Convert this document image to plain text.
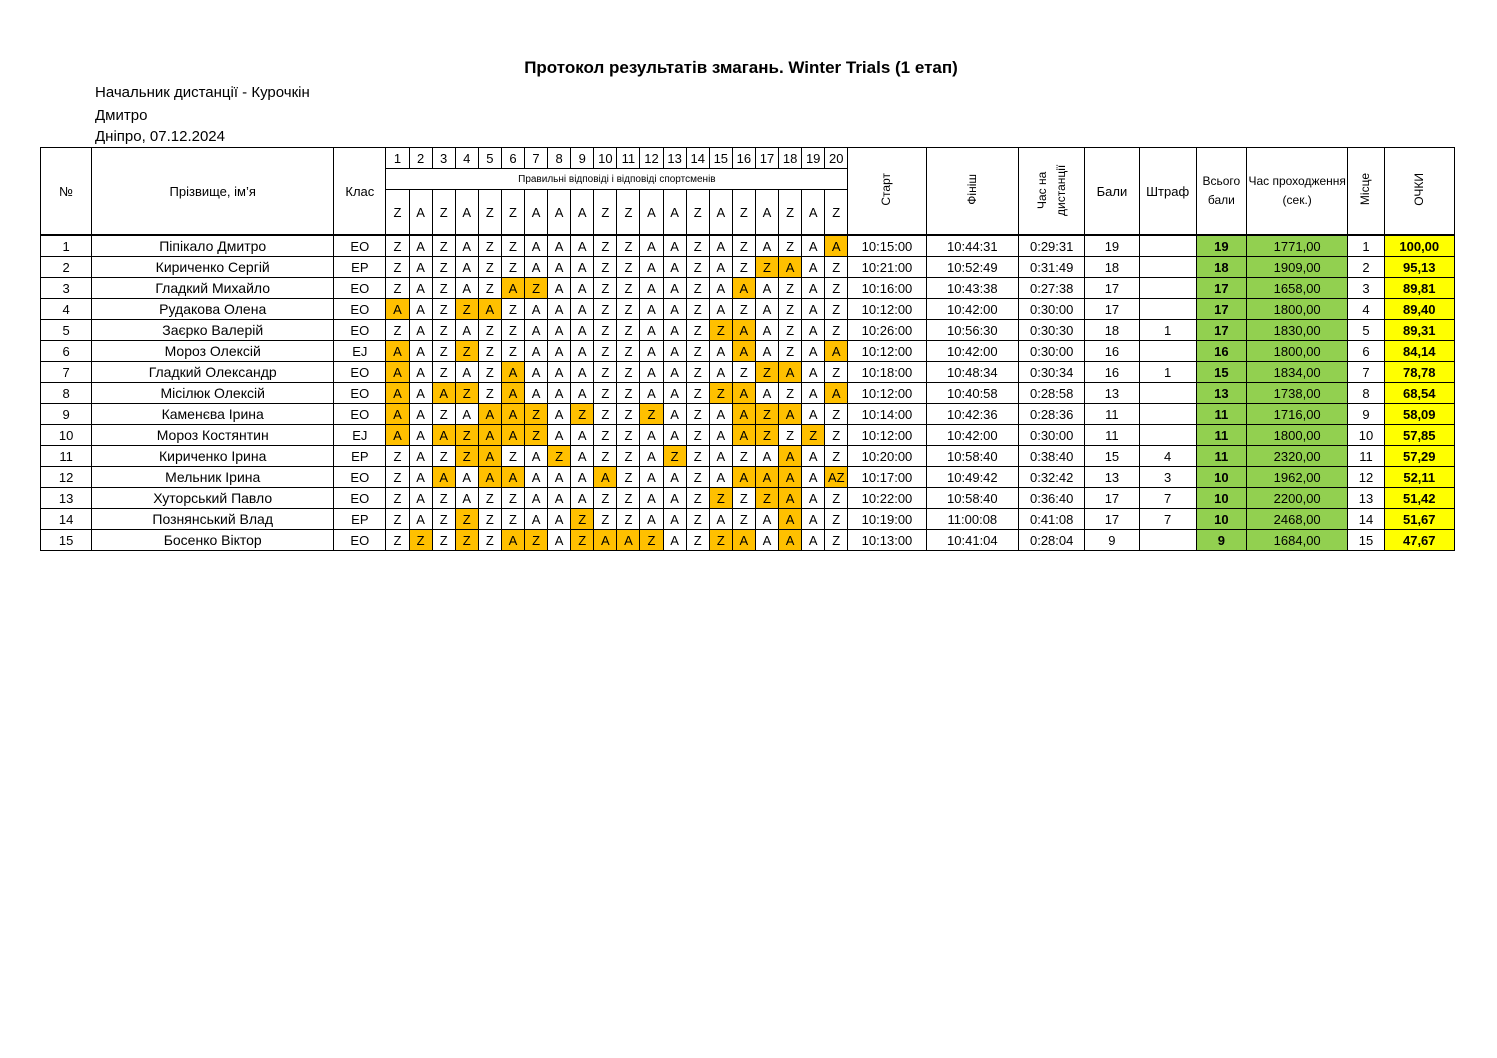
Протокол результатів змагань. Winter Trials (1 етап)
Начальник дистанції - Курочкін
Дмитро
Дніпро, 07.12.2024
№	Прізвище, ім’я	Клас	1	2	3	4	5	6	7	8	9	10	11	12	13	14	15	16	17	18	19	20	Старт	Фініш	Час на дистанції	Бали	Штраф	Всього бали	Час проходження (сек.)	Місце	ОЧКИ
			Правильні відповіді і відповіді спортсменів																												
			Z	A	Z	A	Z	Z	A	A	A	Z	Z	A	A	Z	A	Z	A	Z	A	Z									
1	Піпікало Дмитро	EO	Z	A	Z	A	Z	Z	A	A	A	Z	Z	A	A	Z	A	Z	A	Z	A	A	10:15:00	10:44:31	0:29:31	19		19	1771,00	1	100,00
2	Кириченко Сергій	EP	Z	A	Z	A	Z	Z	A	A	A	Z	Z	A	A	Z	A	Z	Z	A	A	Z	10:21:00	10:52:49	0:31:49	18		18	1909,00	2	95,13
3	Гладкий Михайло	EO	Z	A	Z	A	Z	A	Z	A	A	Z	Z	A	A	Z	A	A	A	Z	A	Z	10:16:00	10:43:38	0:27:38	17		17	1658,00	3	89,81
4	Рудакова Олена	EO	A	A	Z	Z	A	Z	A	A	A	Z	Z	A	A	Z	A	Z	A	Z	A	Z	10:12:00	10:42:00	0:30:00	17		17	1800,00	4	89,40
5	Заєрко Валерій	EO	Z	A	Z	A	Z	Z	A	A	A	Z	Z	A	A	Z	Z	A	A	Z	A	Z	10:26:00	10:56:30	0:30:30	18	1	17	1830,00	5	89,31
6	Мороз Олексій	EJ	A	A	Z	Z	Z	Z	A	A	A	Z	Z	A	A	Z	A	A	A	Z	A	A	10:12:00	10:42:00	0:30:00	16		16	1800,00	6	84,14
7	Гладкий Олександр	EO	A	A	Z	A	Z	A	A	A	A	Z	Z	A	A	Z	A	Z	Z	A	A	Z	10:18:00	10:48:34	0:30:34	16	1	15	1834,00	7	78,78
8	Місілюк Олексій	EO	A	A	A	Z	Z	A	A	A	A	Z	Z	A	A	Z	Z	A	A	Z	A	A	10:12:00	10:40:58	0:28:58	13		13	1738,00	8	68,54
9	Каменєва Ірина	EO	A	A	Z	A	A	A	Z	A	Z	Z	Z	Z	A	Z	A	A	Z	A	A	Z	10:14:00	10:42:36	0:28:36	11		11	1716,00	9	58,09
10	Мороз Костянтин	EJ	A	A	A	Z	A	A	Z	A	A	Z	Z	A	A	Z	A	A	Z	Z	Z	Z	10:12:00	10:42:00	0:30:00	11		11	1800,00	10	57,85
11	Кириченко Ірина	EP	Z	A	Z	Z	A	Z	A	Z	A	Z	Z	A	Z	Z	A	Z	A	A	A	Z	10:20:00	10:58:40	0:38:40	15	4	11	2320,00	11	57,29
12	Мельник Ірина	EO	Z	A	A	A	A	A	A	A	A	A	Z	A	A	Z	A	A	A	A	A	AZ	10:17:00	10:49:42	0:32:42	13	3	10	1962,00	12	52,11
13	Хуторський Павло	EO	Z	A	Z	A	Z	Z	A	A	A	Z	Z	A	A	Z	Z	Z	Z	A	A	Z	10:22:00	10:58:40	0:36:40	17	7	10	2200,00	13	51,42
14	Познянський Влад	EP	Z	A	Z	Z	Z	Z	A	A	Z	Z	Z	A	A	Z	A	Z	A	A	A	Z	10:19:00	11:00:08	0:41:08	17	7	10	2468,00	14	51,67
15	Босенко Віктор	EO	Z	Z	Z	Z	Z	A	Z	A	Z	A	A	Z	A	Z	Z	A	A	A	A	Z	10:13:00	10:41:04	0:28:04	9		9	1684,00	15	47,67
